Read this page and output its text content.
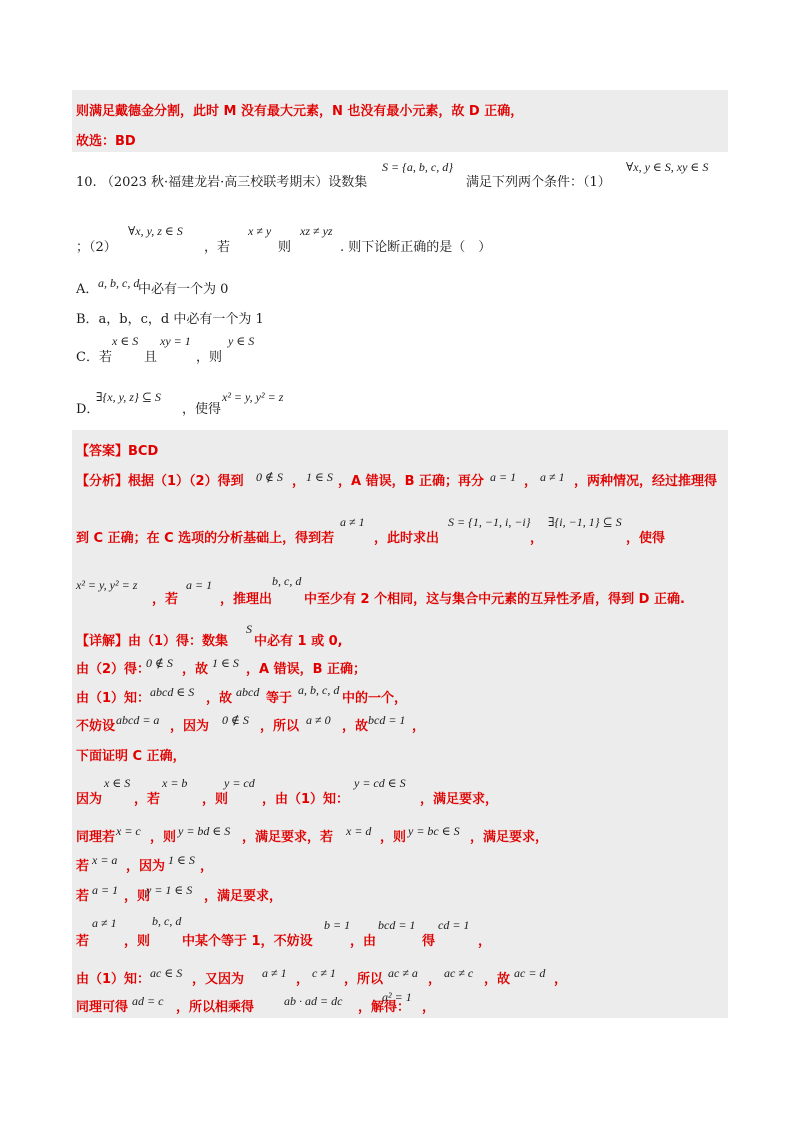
则满足戴德金分割，此时 M 没有最大元素，N 也没有最小元素，故 D 正确，
故选：BD
10. （2023 秋·福建龙岩·高三校联考期末）设数集
S = {a, b, c, d}
满足下列两个条件：（1）
∀x, y ∈ S, xy ∈ S
；（2）
∀x, y, z ∈ S
，若
x ≠ y
则
xz ≠ yz
. 则下论断正确的是（　）
A． a, b, c, d
中必有一个为 0
B．a，b，c，d 中必有一个为 1
C．若
x ∈ S
且
xy = 1
，则
y ∈ S
D．
∃{x, y, z} ⊆ S
，使得
x² = y, y² = z
【答案】BCD
【分析】根据（1）（2）得到 0 ∉ S ， 1 ∈ S ，A 错误，B 正确；再分 a = 1 ， a ≠ 1 ，两种情况，经过推理得
到 C 正确；在 C 选项的分析基础上，得到若
a ≠ 1
，此时求出
S = {1, −1, i, −i}
，
∃{i, −1, 1} ⊆ S
，使得
x² = y, y² = z
，若
a = 1
，推理出
b, c, d
中至少有 2 个相同，这与集合中元素的互异性矛盾，得到 D 正确.
【详解】由（1）得：数集
S
中必有 1 或 0,
由（2）得：
0 ∉ S ，故 1 ∈ S ，A 错误，B 正确；
由（1）知： abcd ∈ S ，故 abcd 等于
a, b, c, d
中的一个，
不妨设 abcd = a ，因为 0 ∉ S ，所以 a ≠ 0 ，故 bcd = 1 ，
下面证明 C 正确，
因为
x ∈ S
，若
x = b
，则
y = cd
，由（1）知：
y = cd ∈ S
，满足要求，
同理若 x = c ，则 y = bd ∈ S ，满足要求，若 x = d ，则 y = bc ∈ S ，满足要求，
若 x = a ，因为 1 ∈ S ，
若 a = 1 ，则
y = 1 ∈ S ，满足要求，
若
a ≠ 1
，则
b, c, d
中某个等于 1，不妨设
b = 1
，由
bcd = 1
得
cd = 1
，
由（1）知： ac ∈ S ，又因为 a ≠ 1 ， c ≠ 1 ，所以 ac ≠ a ， ac ≠ c ，故 ac = d ，
同理可得 ad = c ，所以相乘得 ab · ad = dc ，解得：
a² = 1
，
